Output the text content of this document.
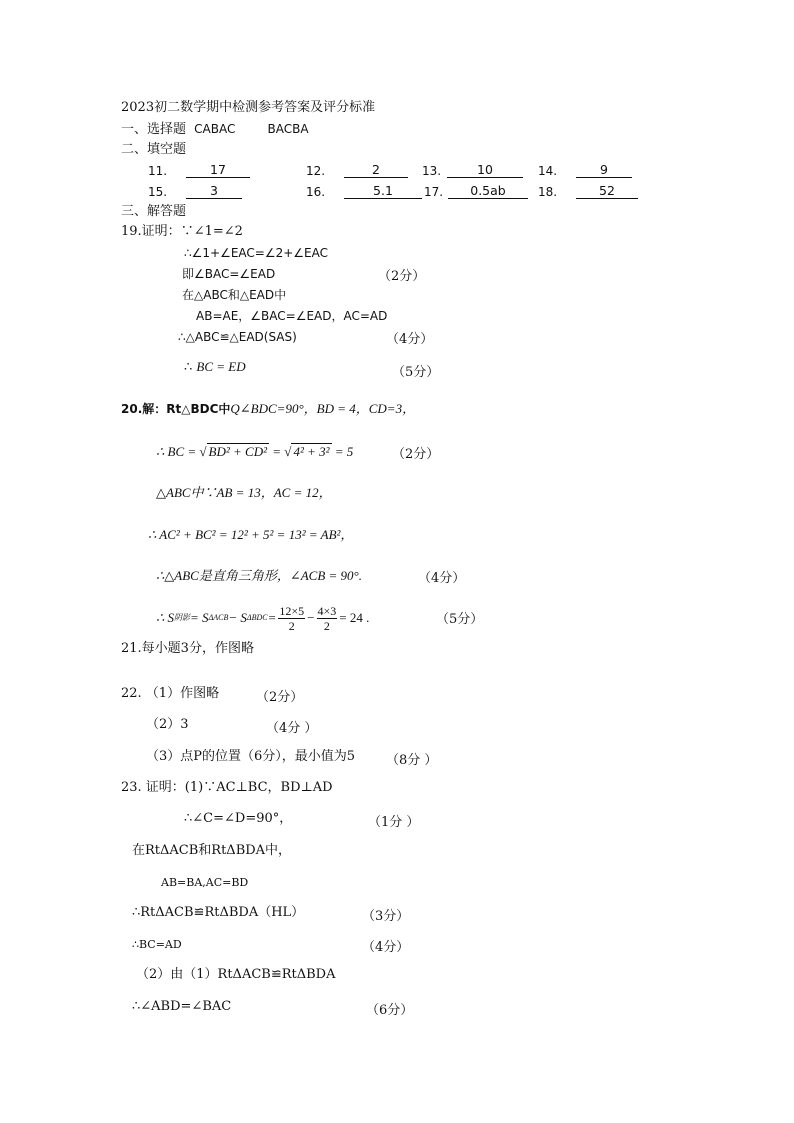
2023初二数学期中检测参考答案及评分标准
一、选择题 CABAC	BACBA
二、填空题
11.	17	12.	2	13.	10	14.	9
15.	3	16.	5.1	17.	0.5ab	18.	52
三、解答题
19.证明：∵∠1=∠2
∴∠1+∠EAC=∠2+∠EAC
即∠BAC=∠EAD	（2分）
在△ABC和△EAD中
AB=AE，∠BAC=∠EAD，AC=AD
∴△ABC≌△EAD(SAS)	（4分）
∴ BC = ED	（5分）
20.解：Rt△BDC中Q∠BDC=90°，BD = 4，CD=3，
∴ BC = √ BD² + CD² = √ 4² + 3² = 5	（2分）
△ABC中∵AB = 13，AC = 12，
∴ AC² + BC² = 12² + 5² = 13² = AB²，
∴△ABC是直角三角形，∠ACB = 90°.	（4分）
∴ S 阴影 = S ΔACB − S $\Delta BDC = \frac{12\times 5}{2} - \frac{4\times 3}{2} = 24$ .	（5分）
21.每小题3分，作图略
22. （1）作图略	（2分）
（2）3	（4分 ）
（3）点P的位置（6分），最小值为5 （8分 ）
23. 证明：(1)∵AC⊥BC，BD⊥AD
∴∠C=∠D=90°，	（1分 ）
在RtΔACB和RtΔBDA中，
AB=BA,AC=BD
∴RtΔACB≌RtΔBDA（HL）	（3分）
∴BC=AD	（4分）
（2）由（1）RtΔACB≌RtΔBDA
∴∠ABD=∠BAC	（6分）
